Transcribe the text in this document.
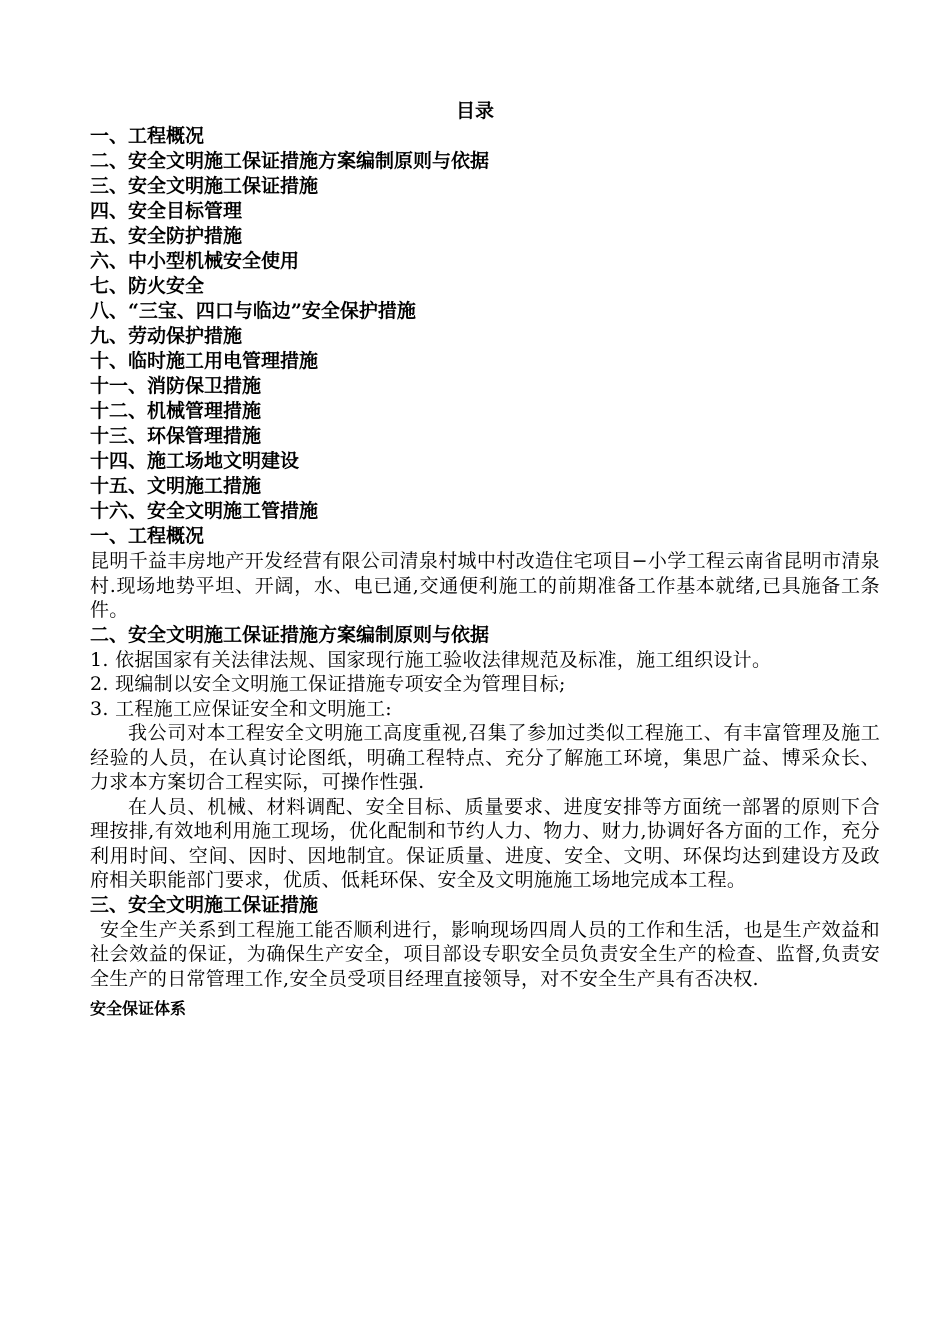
目录
一、工程概况
二、安全文明施工保证措施方案编制原则与依据
三、安全文明施工保证措施
四、安全目标管理
五、安全防护措施
六、中小型机械安全使用
七、防火安全
八、“三宝、四口与临边”安全保护措施
九、劳动保护措施
十、临时施工用电管理措施
十一、消防保卫措施
十二、机械管理措施
十三、环保管理措施
十四、施工场地文明建设
十五、文明施工措施
十六、安全文明施工管措施
一、工程概况

昆明千益丰房地产开发经营有限公司清泉村城中村改造住宅项目−小学工程云南省昆明市清泉村.现场地势平坦、开阔，水、电已通,交通便利施工的前期准备工作基本就绪,已具施备工条件。

二、安全文明施工保证措施方案编制原则与依据

1. 依据国家有关法律法规、国家现行施工验收法律规范及标准，施工组织设计。

2. 现编制以安全文明施工保证措施专项安全为管理目标;

3. 工程施工应保证安全和文明施工:

我公司对本工程安全文明施工高度重视,召集了参加过类似工程施工、有丰富管理及施工经验的人员，在认真讨论图纸，明确工程特点、充分了解施工环境，集思广益、博采众长、力求本方案切合工程实际，可操作性强.

在人员、机械、材料调配、安全目标、质量要求、进度安排等方面统一部署的原则下合理按排,有效地利用施工现场，优化配制和节约人力、物力、财力,协调好各方面的工作，充分利用时间、空间、因时、因地制宜。保证质量、进度、安全、文明、环保均达到建设方及政府相关职能部门要求，优质、低耗环保、安全及文明施施工场地完成本工程。

三、安全文明施工保证措施

安全生产关系到工程施工能否顺利进行，影响现场四周人员的工作和生活，也是生产效益和社会效益的保证，为确保生产安全，项目部设专职安全员负责安全生产的检查、监督,负责安全生产的日常管理工作,安全员受项目经理直接领导，对不安全生产具有否决权.

安全保证体系
